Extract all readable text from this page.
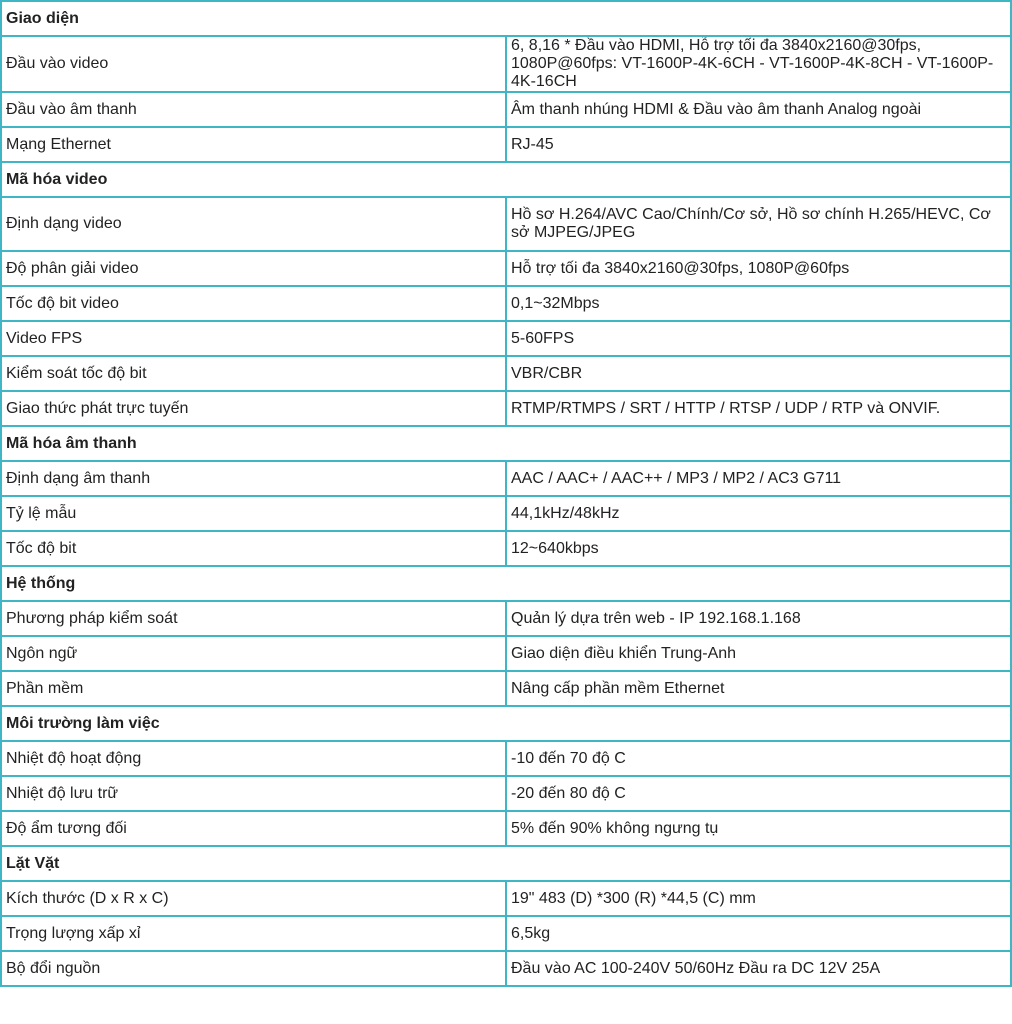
Giao diện	
Đầu vào video	6, 8,16 * Đầu vào HDMI, Hỗ trợ tối đa 3840x2160@30fps, 1080P@60fps: VT-1600P-4K-6CH - VT-1600P-4K-8CH - VT-1600P-4K-16CH
Đầu vào âm thanh	Âm thanh nhúng HDMI & Đầu vào âm thanh Analog ngoài
Mạng Ethernet	RJ-45
Mã hóa video	
Định dạng video	Hồ sơ H.264/AVC Cao/Chính/Cơ sở, Hồ sơ chính H.265/HEVC, Cơ sở MJPEG/JPEG
Độ phân giải video	Hỗ trợ tối đa 3840x2160@30fps, 1080P@60fps
Tốc độ bit video	0,1~32Mbps
Video FPS	5-60FPS
Kiểm soát tốc độ bit	VBR/CBR
Giao thức phát trực tuyến	RTMP/RTMPS / SRT / HTTP / RTSP / UDP / RTP và ONVIF.
Mã hóa âm thanh	
Định dạng âm thanh	AAC / AAC+ / AAC++ / MP3 / MP2 / AC3 G711
Tỷ lệ mẫu	44,1kHz/48kHz
Tốc độ bit	12~640kbps
Hệ thống	
Phương pháp kiểm soát	Quản lý dựa trên web - IP 192.168.1.168
Ngôn ngữ	Giao diện điều khiển Trung-Anh
Phần mềm	Nâng cấp phần mềm Ethernet
Môi trường làm việc	
Nhiệt độ hoạt động	-10 đến 70 độ C
Nhiệt độ lưu trữ	-20 đến 80 độ C
Độ ẩm tương đối	5% đến 90% không ngưng tụ
Lặt Vặt	
Kích thước (D x R x C)	19" 483 (D) *300 (R) *44,5 (C) mm
Trọng lượng xấp xỉ	6,5kg
Bộ đổi nguồn	Đầu vào AC 100-240V 50/60Hz Đầu ra DC 12V 25A
